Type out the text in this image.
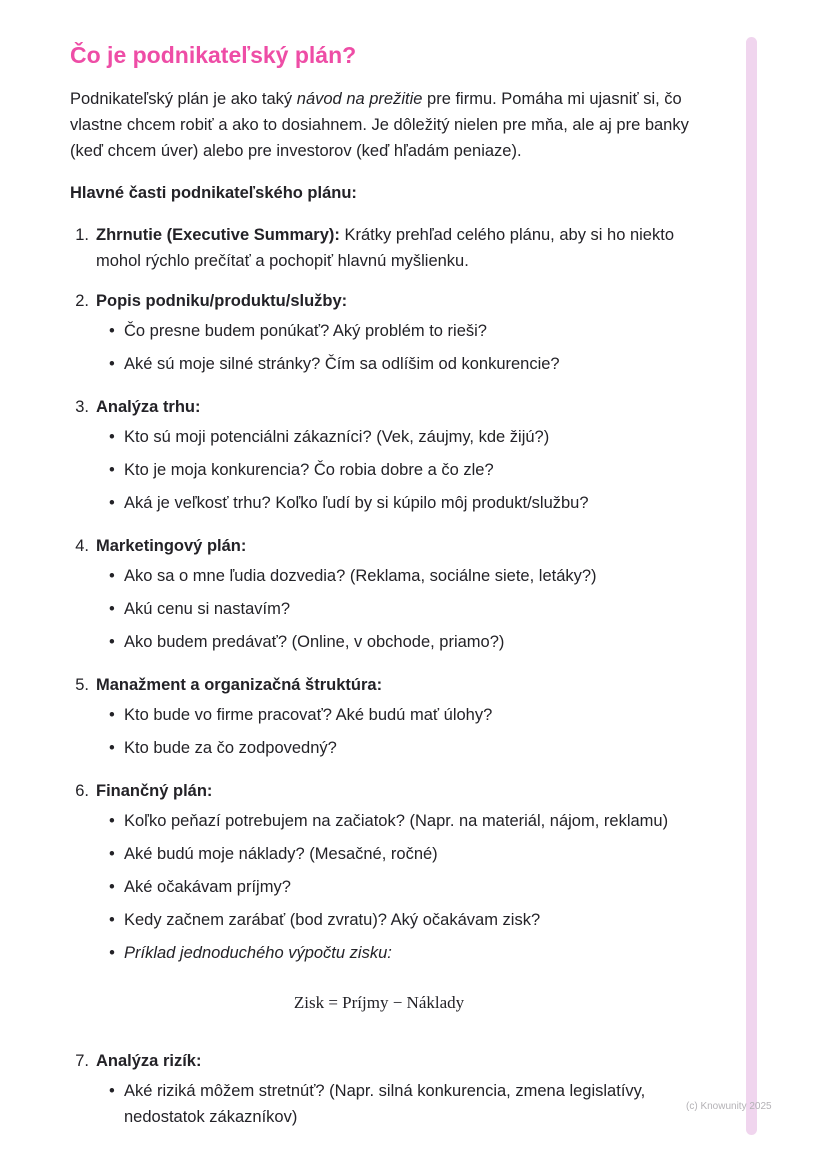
Čo je podnikateľský plán?

Podnikateľský plán je ako taký návod na prežitie pre firmu. Pomáha mi ujasniť si, čo vlastne chcem robiť a ako to dosiahnem. Je dôležitý nielen pre mňa, ale aj pre banky (keď chcem úver) alebo pre investorov (keď hľadám peniaze).

Hlavné časti podnikateľského plánu:

1. Zhrnutie (Executive Summary): Krátky prehľad celého plánu, aby si ho niekto mohol rýchlo prečítať a pochopiť hlavnú myšlienku.

2. Popis podniku/produktu/služby:

• Čo presne budem ponúkať? Aký problém to rieši?
• Aké sú moje silné stránky? Čím sa odlíšim od konkurencie?
3. Analýza trhu:

• Kto sú moji potenciálni zákazníci? (Vek, záujmy, kde žijú?)
• Kto je moja konkurencia? Čo robia dobre a čo zle?
• Aká je veľkosť trhu? Koľko ľudí by si kúpilo môj produkt/službu?
4. Marketingový plán:

• Ako sa o mne ľudia dozvedia? (Reklama, sociálne siete, letáky?)
• Akú cenu si nastavím?
• Ako budem predávať? (Online, v obchode, priamo?)
5. Manažment a organizačná štruktúra:

• Kto bude vo firme pracovať? Aké budú mať úlohy?
• Kto bude za čo zodpovedný?
6. Finančný plán:

• Koľko peňazí potrebujem na začiatok? (Napr. na materiál, nájom, reklamu)
• Aké budú moje náklady? (Mesačné, ročné)
• Aké očakávam príjmy?
• Kedy začnem zarábať (bod zvratu)? Aký očakávam zisk?
• Príklad jednoduchého výpočtu zisku:
Zisk = Príjmy − Náklady
7. Analýza rizík:

• Aké riziká môžem stretnúť? (Napr. silná konkurencia, zmena legislatívy, nedostatok zákazníkov)
(c) Knowunity 2025
